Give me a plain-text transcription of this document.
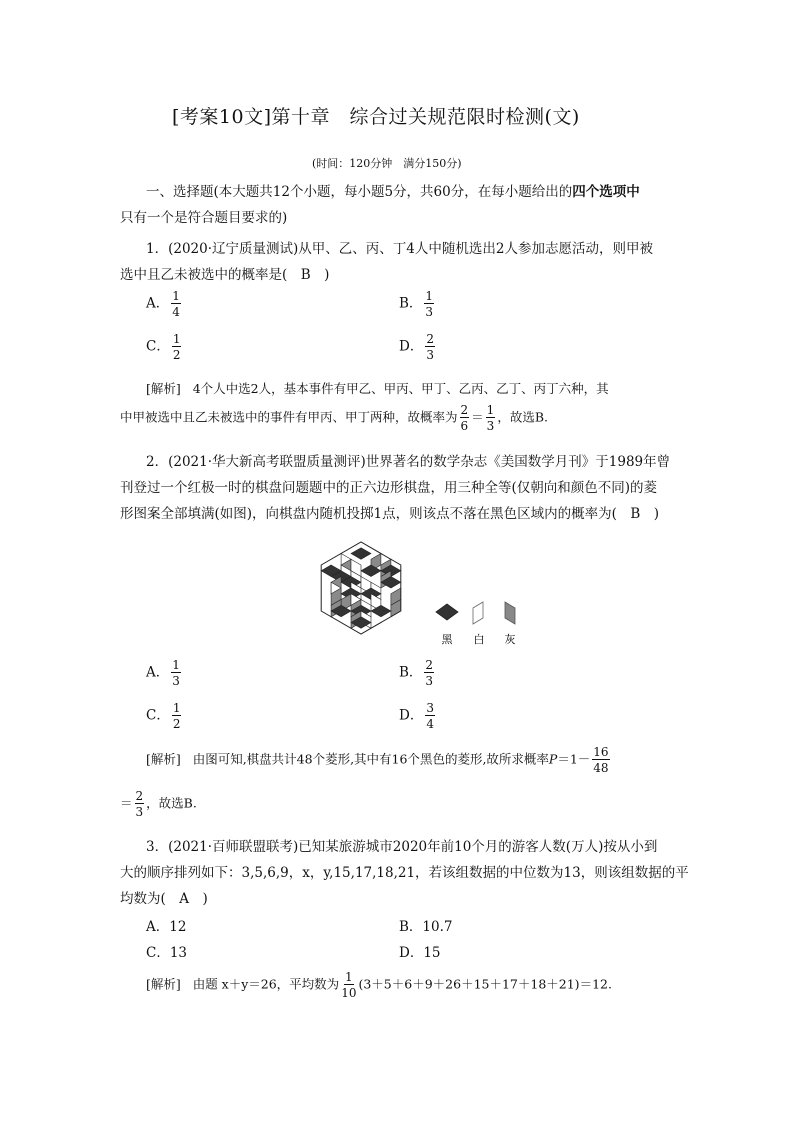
[考案10文]第十章　综合过关规范限时检测(文)
(时间：120分钟　满分150分)
一、选择题(本大题共12个小题，每小题5分，共60分，在每小题给出的四个选项中
只有一个是符合题目要求的)
1．(2020·辽宁质量测试)从甲、乙、丙、丁4人中随机选出2人参加志愿活动，则甲被
选中且乙未被选中的概率是(　B　)
A． $\frac{1}{4}$	B． $\frac{1}{3}$
C． $\frac{1}{2}$	D． $\frac{2}{3}$
[解析] 4个人中选2人，基本事件有甲乙、甲丙、甲丁、乙丙、乙丁、丙丁六种，其
中甲被选中且乙未被选中的事件有甲丙、甲丁两种，故概率为 $\frac{2}{6} = \frac{1}{3}$ ，故选B.
2．(2021·华大新高考联盟质量测评)世界著名的数学杂志《美国数学月刊》于1989年曾
刊登过一个红极一时的棋盘问题题中的正六边形棋盘，用三种全等(仅朝向和颜色不同)的菱
形图案全部填满(如图)，向棋盘内随机投掷1点，则该点不落在黑色区域内的概率为(　B　)
黑 白 灰
A． $\frac{1}{3}$	B． $\frac{2}{3}$
C． $\frac{1}{2}$	D． $\frac{3}{4}$
[解析] 由图可知,棋盘共计48个菱形,其中有16个黑色的菱形,故所求概率$P=1- \frac{16}{48}$
＝ $\frac{2}{3}$ ，故选B.
3．(2021·百师联盟联考)已知某旅游城市2020年前10个月的游客人数(万人)按从小到
大的顺序排列如下：3,5,6,9，x，y,15,17,18,21，若该组数据的中位数为13，则该组数据的平
均数为(　A　)
A．12	B．10.7
C．13	D．15
[解析] 由题 x＋y＝26，平均数为 $\frac{1}{10} (3+5+6+9+26+15+17+18+21)=12$.
